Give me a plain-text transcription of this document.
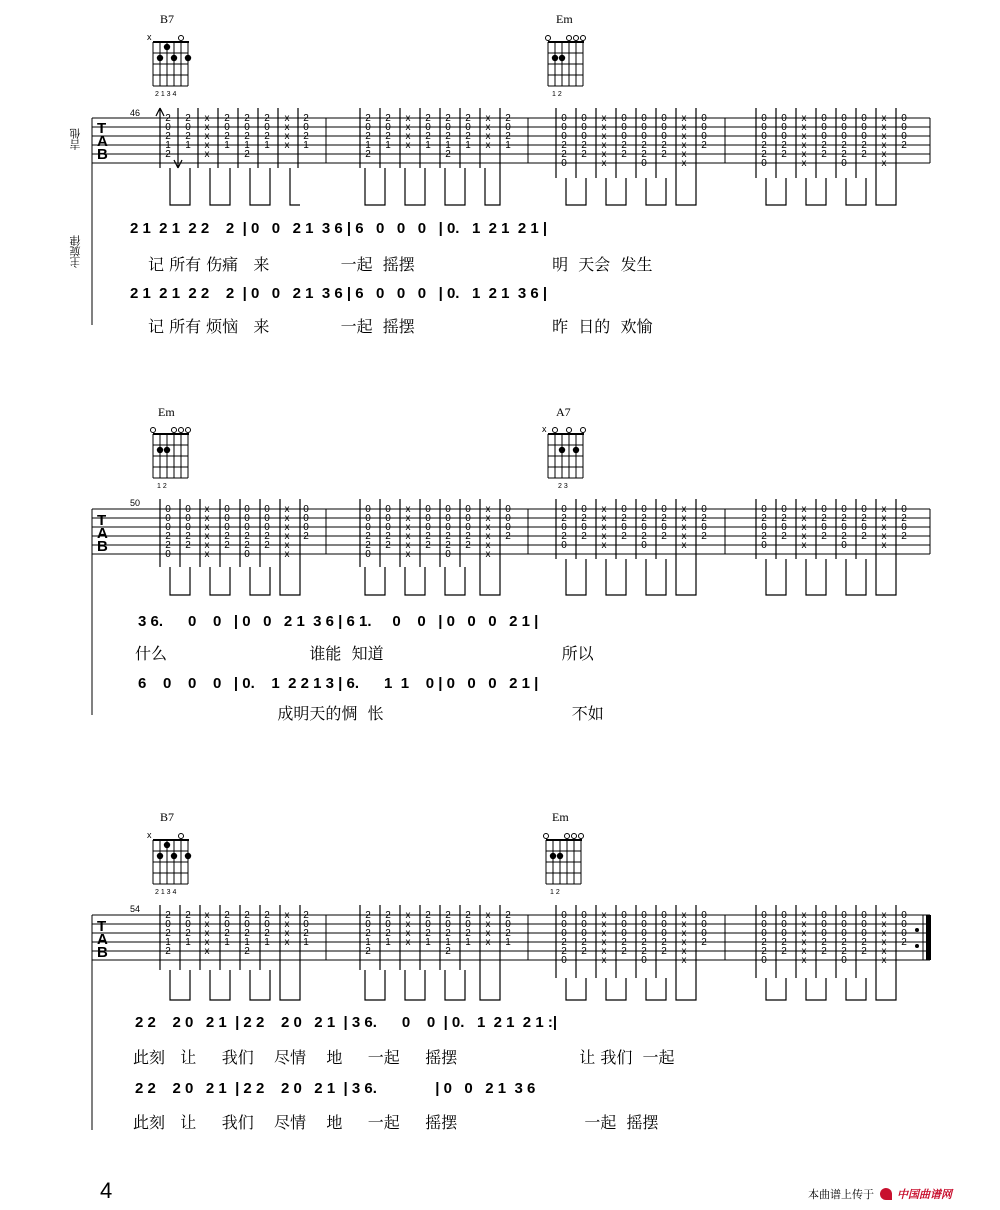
吉他
主旋律
B7
x
2 1 3 4
Em
1 2
46
T
A
B
2
0
2
1
2
2
0
2
1
x
x
x
x
x
2
0
2
1
2
0
2
1
2
2
0
2
1
x
x
x
x
2
0
2
1
2
0
2
1
2
2
0
2
1
x
x
x
x
2
0
2
1
2
0
2
1
2
2
0
2
1
x
x
x
x
2
0
2
1
0
0
0
2
2
0
0
0
0
2
2
x
x
x
x
x
x
0
0
0
2
2
0
0
0
2
2
0
0
0
0
2
2
x
x
x
x
x
x
0
0
0
2
0
0
0
2
2
0
0
0
0
2
2
x
x
x
x
x
x
0
0
0
2
2
0
0
0
2
2
0
0
0
0
2
2
x
x
x
x
x
x
0
0
0
2
2 1  2 1  2 2    2  | 0   0   2 1  3 6 | 6   0   0   0   | 0.   1  2 1  2 1 |
记 所有 伤痛   来              一起  摇摆                           明  天会  发生
2 1  2 1  2 2    2  | 0   0   2 1  3 6 | 6   0   0   0   | 0.   1  2 1  3 6 |
记 所有 烦恼   来              一起  摇摆                           昨  日的  欢愉
Em
1 2
A7
x
2 3
50
T
A
B
0
0
0
2
2
0
0
0
0
2
2
x
x
x
x
x
x
0
0
0
2
2
0
0
0
2
2
0
0
0
0
2
2
x
x
x
x
x
x
0
0
0
2
0
0
0
2
2
0
0
0
0
2
2
x
x
x
x
x
x
0
0
0
2
2
0
0
0
2
2
0
0
0
0
2
2
x
x
x
x
x
x
0
0
0
2
0
2
0
2
0
0
2
0
2
x
x
x
x
x
0
2
0
2
0
2
0
2
0
0
2
0
2
x
x
x
x
x
0
2
0
2
0
2
0
2
0
0
2
0
2
x
x
x
x
x
0
2
0
2
0
2
0
2
0
0
2
0
2
x
x
x
x
x
0
2
0
2
3 6.      0    0   | 0   0   2 1  3 6 | 6 1.     0    0   | 0   0   0   2 1 |
什么                            谁能  知道                                   所以
6    0    0    0   | 0.    1  2 2 1 3 | 6.      1  1    0 | 0   0   0   2 1 |
成明天的惆  怅                                     不如
B7
x
2 1 3 4
Em
1 2
54
T
A
B
2
0
2
1
2
2
0
2
1
x
x
x
x
x
2
0
2
1
2
0
2
1
2
2
0
2
1
x
x
x
x
2
0
2
1
2
0
2
1
2
2
0
2
1
x
x
x
x
2
0
2
1
2
0
2
1
2
2
0
2
1
x
x
x
x
2
0
2
1
0
0
0
2
2
0
0
0
0
2
2
x
x
x
x
x
x
0
0
0
2
2
0
0
0
2
2
0
0
0
0
2
2
x
x
x
x
x
x
0
0
0
2
0
0
0
2
2
0
0
0
0
2
2
x
x
x
x
x
x
0
0
0
2
2
0
0
0
2
2
0
0
0
0
2
2
x
x
x
x
x
x
0
0
0
2
2 2    2 0   2 1  | 2 2    2 0   2 1  | 3 6.      0    0  | 0.   1  2 1  2 1 :|
此刻   让     我们    尽情    地     一起     摇摆                        让 我们  一起
2 2    2 0   2 1  | 2 2    2 0   2 1  | 3 6.              | 0   0   2 1  3 6
此刻   让     我们    尽情    地     一起     摇摆                         一起  摇摆
4	本曲谱上传于 中国曲谱网
